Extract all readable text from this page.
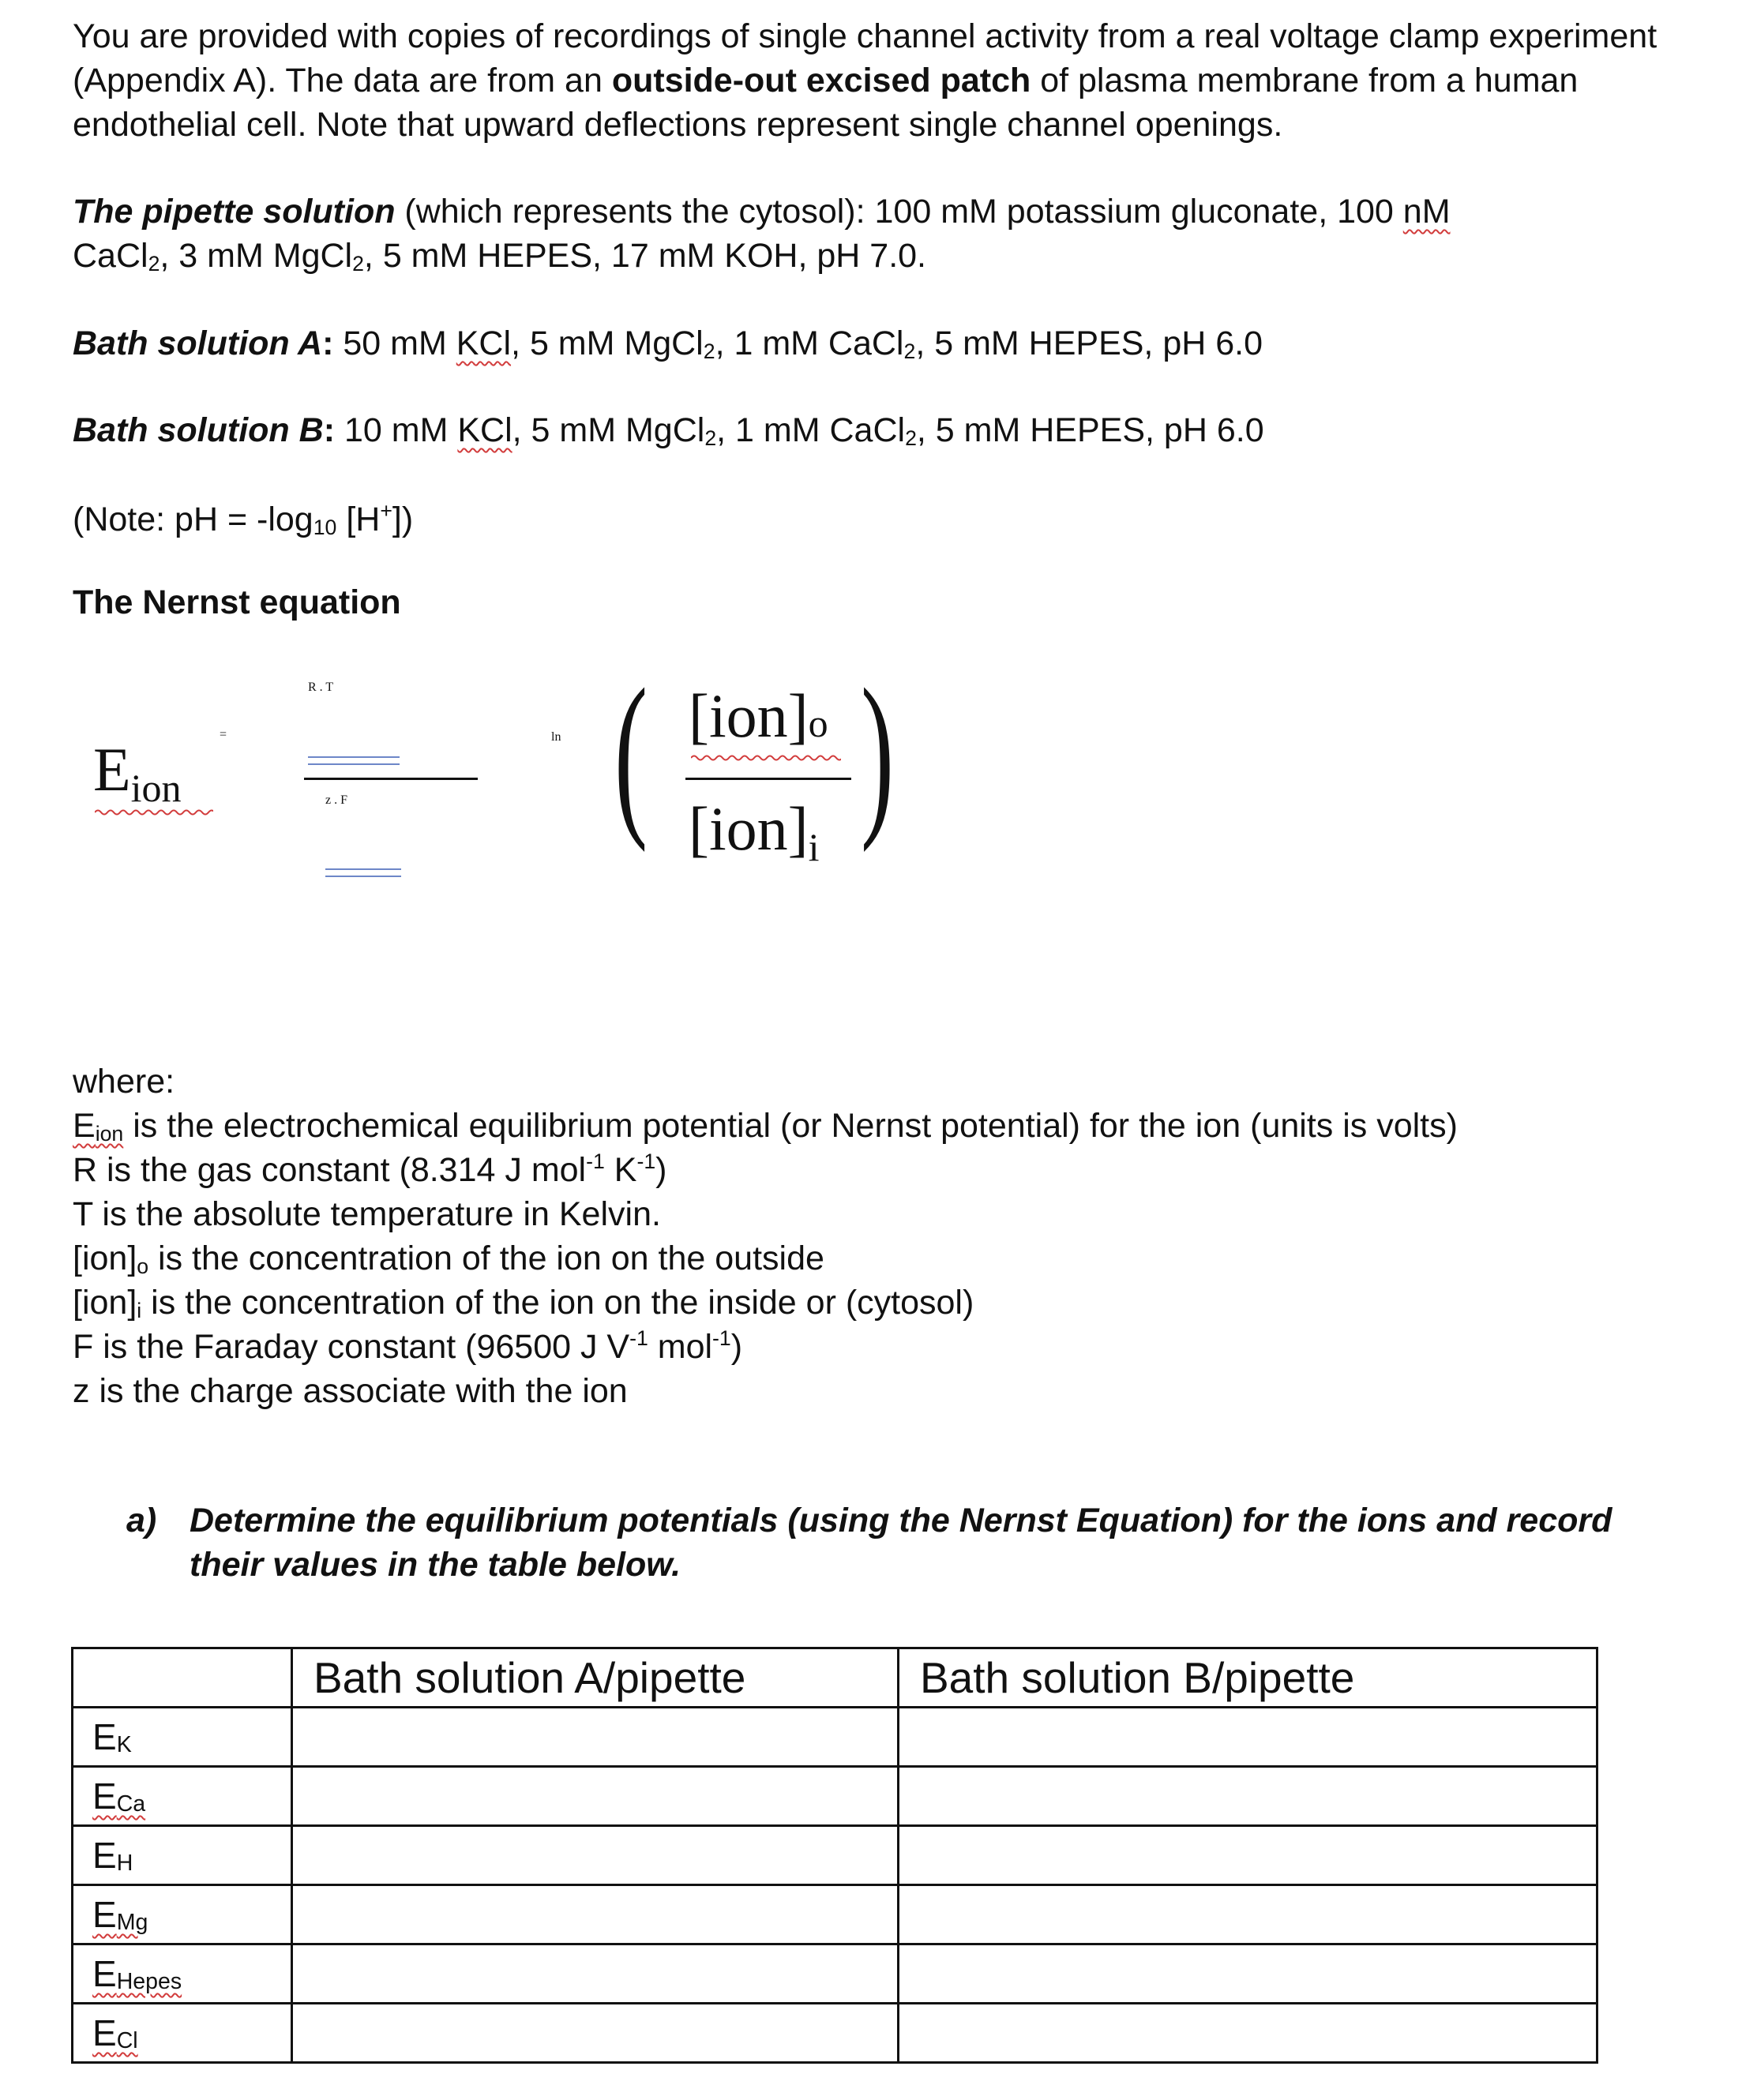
You are provided with copies of recordings of single channel activity from a real voltage clamp experiment (Appendix A). The data are from an outside-out excised patch of plasma membrane from a human endothelial cell. Note that upward deflections represent single channel openings.

The pipette solution (which represents the cytosol): 100 mM potassium gluconate, 100 nM
CaCl$_2$, 3 mM MgCl$_2$, 5 mM HEPES, 17 mM KOH, pH 7.0.

Bath solution A: 50 mM KCl, 5 mM MgCl$_2$, 1 mM CaCl$_2$, 5 mM HEPES, pH 6.0

Bath solution B: 10 mM KCl, 5 mM MgCl$_2$, 1 mM CaCl$_2$, 5 mM HEPES, pH 6.0

(Note: pH = $-\log_{10}$ [H+])

The Nernst equation

Eion
=
R . T
z . F
ln ( [ion]o
[ion]i )
where:
$E_{ion}$ is the electrochemical equilibrium potential (or Nernst potential) for the ion (units is volts)
R is the gas constant (8.314 J mol$^{-1}$ $K^{-1}$)
T is the absolute temperature in Kelvin.
$[ion]_o$ is the concentration of the ion on the outside
$[ion]_i$ is the concentration of the ion on the inside or (cytosol)
F is the Faraday constant (96500 J $V^{-1}$ mol$^{-1}$)
z is the charge associate with the ion
a) Determine the equilibrium potentials (using the Nernst Equation) for the ions and record their values in the table below.
	Bath solution A/pipette	Bath solution B/pipette
$E_K$		
$E_{Ca}$		
$E_H$		
$E_{Mg}$		
$E_{Hepes}$		
$E_{Cl}$		
